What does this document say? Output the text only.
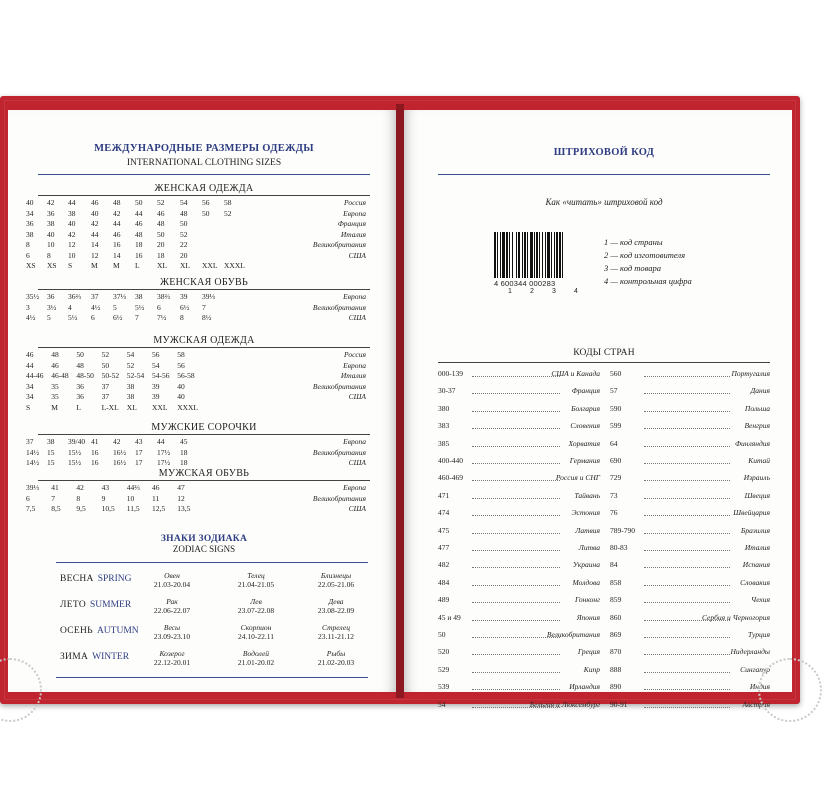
МЕЖДУНАРОДНЫЕ РАЗМЕРЫ ОДЕЖДЫ
INTERNATIONAL CLOTHING SIZES
ЖЕНСКАЯ ОДЕЖДА
40 42 44 46 48 50 52 54 56 58	Россия
34 36 38 40 42 44 46 48 50 52	Европа
36 38 40 42 44 46 48 50	Франция
38 40 42 44 46 48 50 52	Италия
8 10 12 14 16 18 20 22	Великобритания
6 8 10 12 14 16 18 20	США
XS XS S	M M L XL XL XXL XXXL
ЖЕНСКАЯ ОБУВЬ
35½ 36 36⅔ 37 37⅓ 38 38⅔ 39 39⅓	Европа
3 3½ 4	4½ 5 5½ 6	6½ 7	Великобритания
4½ 5 5½ 6 6½ 7 7½ 8 8½	США
МУЖСКАЯ ОДЕЖДА
46 48 50 52 54 56 58	Россия
44 46 48 50 52 54 56	Европа
44-46 46-48 48-50 50-52 52-54 54-56 56-58	Италия
34 35 36 37 38 39 40	Великобритания
34 35 36 37 38 39 40	США
S	M L	L-XL XL XXL XXXL
МУЖСКИЕ СОРОЧКИ
37 38 39/40 41 42 43 44 45	Европа
14½ 15 15½ 16 16½ 17 17½ 18	Великобритания
14½ 15 15½ 16 16½ 17 17½ 18	США
МУЖСКАЯ ОБУВЬ
39⅓ 41 42 43 44⅔ 46 47	Европа
6	7	8	9	10 11 12	Великобритания
7,5 8,5 9,5 10,5 11,5 12,5 13,5	США
ЗНАКИ ЗОДИАКА
ZODIAC SIGNS
ВЕСНА SPRING	Овен
21.03-20.04
Телец
21.04-21.05
Близнецы
22.05-21.06
ЛЕТО SUMMER	Рак
22.06-22.07
Лев
23.07-22.08
Дева
23.08-22.09
ОСЕНЬ AUTUMN	Весы
23.09-23.10
Скорпион
24.10-22.11
Стрелец
23.11-21.12
ЗИМА WINTER	Козерог
22.12-20.01
Водолей
21.01-20.02
Рыбы
21.02-20.03
ШТРИХОВОЙ КОД
Как «читать» штриховой код
4 600344 000283
1	2	3	4
1 — код страны
2 — код изготовителя
3 — код товара
4 — контрольная цифра
КОДЫ СТРАН
000-139	США и Канада
30-37	Франция
380	Болгария
383	Словения
385	Хорватия
400-440	Германия
460-469	Россия и СНГ
471	Тайвань
474	Эстония
475	Латвия
477	Литва
482	Украина
484	Молдова
489	Гонконг
45 и 49	Япония
50	Великобритания
520	Греция
529	Кипр
539	Ирландия
54	Бельгия и Люксембург
560	Португалия
57	Дания
590	Польша
599	Венгрия
64	Финляндия
690	Китай
729	Израиль
73	Швеция
76	Швейцария
789-790	Бразилия
80-83	Италия
84	Испания
858	Словакия
859	Чехия
860	Сербия и Черногория
869	Турция
870	Нидерланды
888	Сингапур
890	Индия
90-91	Австрия
